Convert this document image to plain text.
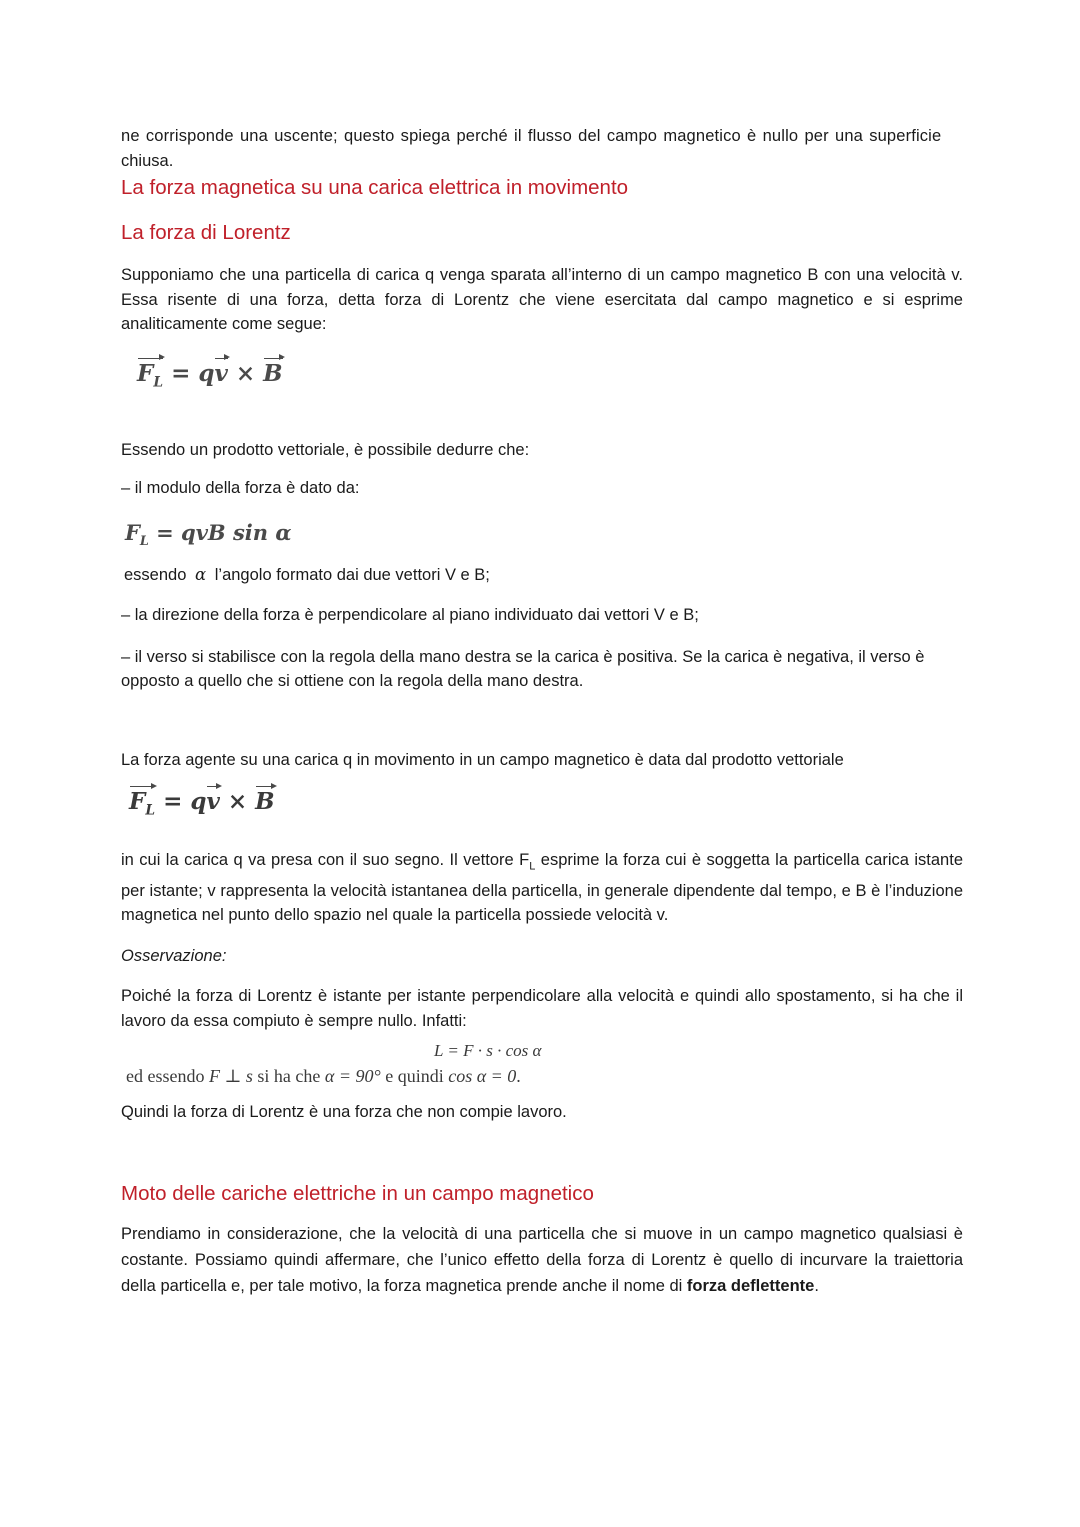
ne corrisponde una uscente; questo spiega perché il flusso del campo magnetico è nullo per una superficie

chiusa.

La forza magnetica su una carica elettrica in movimento
La forza di Lorentz

Supponiamo che una particella di carica q venga sparata all’interno di un campo magnetico B con una velocità v. Essa risente di una forza, detta forza di Lorentz che viene esercitata dal campo magnetico e si esprime analiticamente come segue:

$F_L$ = qv × B

Essendo un prodotto vettoriale, è possibile dedurre che:

– il modulo della forza è dato da:

$F_L$ = qvB sin α

essendo α l’angolo formato dai due vettori V e B;

– la direzione della forza è perpendicolare al piano individuato dai vettori V e B;

– il verso si stabilisce con la regola della mano destra se la carica è positiva. Se la carica è negativa, il verso è opposto a quello che si ottiene con la regola della mano destra.

La forza agente su una carica q in movimento in un campo magnetico è data dal prodotto vettoriale

$F_L$ = qv × B

in cui la carica q va presa con il suo segno. Il vettore $F_L$ esprime la forza cui è soggetta la particella carica istante per istante; v rappresenta la velocità istantanea della particella, in generale dipendente dal tempo, e B è l’induzione magnetica nel punto dello spazio nel quale la particella possiede velocità v.

Osservazione:

Poiché la forza di Lorentz è istante per istante perpendicolare alla velocità e quindi allo spostamento, si ha che il lavoro da essa compiuto è sempre nullo. Infatti:

L = F · s · cos α
ed essendo F ⊥ s si ha che α = 90° e quindi cos α = 0.

Quindi la forza di Lorentz è una forza che non compie lavoro.

Moto delle cariche elettriche in un campo magnetico

Prendiamo in considerazione, che la velocità di una particella che si muove in un campo magnetico qualsiasi è costante. Possiamo quindi affermare, che l’unico effetto della forza di Lorentz è quello di incurvare la traiettoria della particella e, per tale motivo, la forza magnetica prende anche il nome di forza deflettente.
